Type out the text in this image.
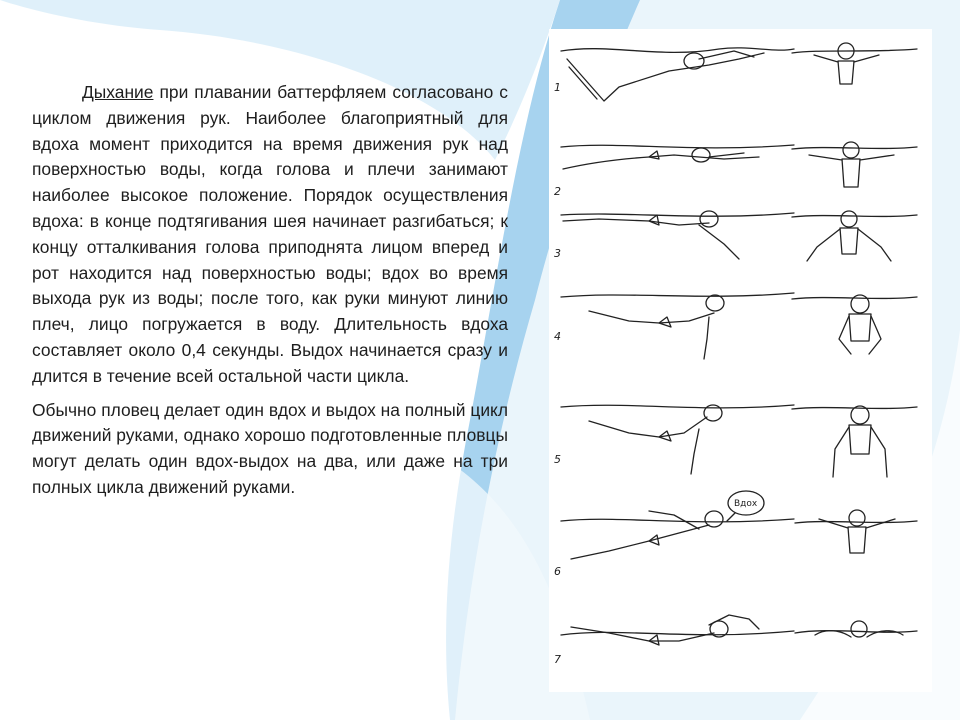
Дыхание при плавании баттерфляем согласовано с циклом движения рук. Наиболее благоприятный для вдоха момент приходится на время движения рук над поверхностью воды, когда голова и плечи занимают наиболее высокое положение. Порядок осуществления вдоха: в конце подтягивания шея начинает разгибаться; к концу отталкивания голова приподнята лицом вперед и рот находится над поверхностью воды; вдох во время выхода рук из воды; после того, как руки минуют линию плеч, лицо погружается в воду. Длительность вдоха составляет около 0,4 секунды. Выдох начинается сразу и длится в течение всей остальной части цикла.

Обычно пловец делает один вдох и выдох на полный цикл движений руками, однако хорошо подготовленные пловцы могут делать один вдох-выдох на два, или даже на три полных цикла движений руками.

1
2
3
4
5
6
7
Вдох
